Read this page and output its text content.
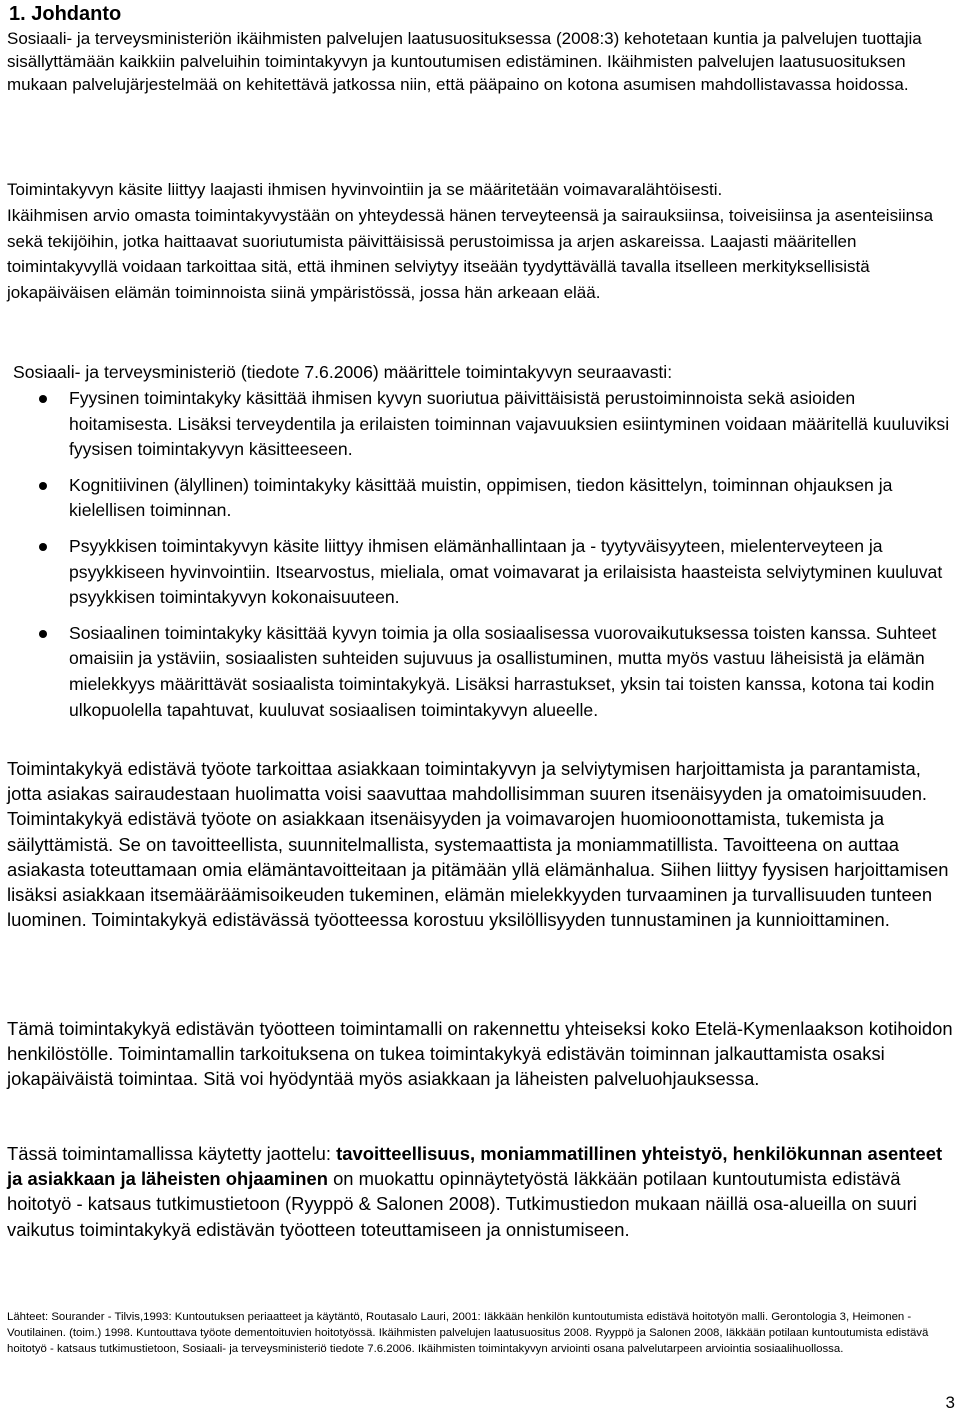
1. Johdanto

Sosiaali- ja terveysministeriön ikäihmisten palvelujen laatusuosituksessa (2008:3) kehotetaan kuntia ja palvelujen tuottajia sisällyttämään kaikkiin palveluihin toimintakyvyn ja kuntoutumisen edistäminen. Ikäihmisten palvelujen laatusuosituksen mukaan palvelujärjestelmää on kehitettävä jatkossa niin, että pääpaino on kotona asumisen mahdollistavassa hoidossa.

Toimintakyvyn käsite liittyy laajasti ihmisen hyvinvointiin ja se määritetään voimavaralähtöisesti.

Ikäihmisen arvio omasta toimintakyvystään on yhteydessä hänen terveyteensä ja sairauksiinsa, toiveisiinsa ja asenteisiinsa sekä tekijöihin, jotka haittaavat suoriutumista päivittäisissä perustoimissa ja arjen askareissa. Laajasti määritellen toimintakyvyllä voidaan tarkoittaa sitä, että ihminen selviytyy itseään tyydyttävällä tavalla itselleen merkityksellisistä jokapäiväisen elämän toiminnoista siinä ympäristössä, jossa hän arkeaan elää.

Sosiaali- ja terveysministeriö (tiedote 7.6.2006) määrittele toimintakyvyn seuraavasti:

Fyysinen toimintakyky käsittää ihmisen kyvyn suoriutua päivittäisistä perustoiminnoista sekä asioiden hoitamisesta. Lisäksi terveydentila ja erilaisten toiminnan vajavuuksien esiintyminen voidaan määritellä kuuluviksi fyysisen toimintakyvyn käsitteeseen.
Kognitiivinen (älyllinen) toimintakyky käsittää muistin, oppimisen, tiedon käsittelyn, toiminnan ohjauksen ja kielellisen toiminnan.
Psyykkisen toimintakyvyn käsite liittyy ihmisen elämänhallintaan ja - tyytyväisyyteen, mielenterveyteen ja psyykkiseen hyvinvointiin. Itsearvostus, mieliala, omat voimavarat ja erilaisista haasteista selviytyminen kuuluvat psyykkisen toimintakyvyn kokonaisuuteen.
Sosiaalinen toimintakyky käsittää kyvyn toimia ja olla sosiaalisessa vuorovaikutuksessa toisten kanssa. Suhteet omaisiin ja ystäviin, sosiaalisten suhteiden sujuvuus ja osallistuminen, mutta myös vastuu läheisistä ja elämän mielekkyys määrittävät sosiaalista toimintakykyä. Lisäksi harrastukset, yksin tai toisten kanssa, kotona tai kodin ulkopuolella tapahtuvat, kuuluvat sosiaalisen toimintakyvyn alueelle.

Toimintakykyä edistävä työote tarkoittaa asiakkaan toimintakyvyn ja selviytymisen harjoittamista ja parantamista, jotta asiakas sairaudestaan huolimatta voisi saavuttaa mahdollisimman suuren itsenäisyyden ja omatoimisuuden. Toimintakykyä edistävä työote on asiakkaan itsenäisyyden ja voimavarojen huomioonottamista, tukemista ja säilyttämistä. Se on tavoitteellista, suunnitelmallista, systemaattista ja moniammatillista. Tavoitteena on auttaa asiakasta toteuttamaan omia elämäntavoitteitaan ja pitämään yllä elämänhalua. Siihen liittyy fyysisen harjoittamisen lisäksi asiakkaan itsemääräämisoikeuden tukeminen, elämän mielekkyyden turvaaminen ja turvallisuuden tunteen luominen. Toimintakykyä edistävässä työotteessa korostuu yksilöllisyyden tunnustaminen ja kunnioittaminen.

Tämä toimintakykyä edistävän työotteen toimintamalli on rakennettu yhteiseksi koko Etelä-Kymenlaakson kotihoidon henkilöstölle. Toimintamallin tarkoituksena on tukea toimintakykyä edistävän toiminnan jalkauttamista osaksi jokapäiväistä toimintaa. Sitä voi hyödyntää myös asiakkaan ja läheisten palveluohjauksessa.

Tässä toimintamallissa käytetty jaottelu: tavoitteellisuus, moniammatillinen yhteistyö, henkilökunnan asenteet ja asiakkaan ja läheisten ohjaaminen on muokattu opinnäytetyöstä Iäkkään potilaan kuntoutumista edistävä hoitotyö - katsaus tutkimustietoon (Ryyppö & Salonen 2008). Tutkimustiedon mukaan näillä osa-alueilla on suuri vaikutus toimintakykyä edistävän työotteen toteuttamiseen ja onnistumiseen.

Lähteet: Sourander - Tilvis,1993: Kuntoutuksen periaatteet ja käytäntö, Routasalo Lauri, 2001: Iäkkään henkilön kuntoutumista edistävä hoitotyön malli. Gerontologia 3, Heimonen - Voutilainen. (toim.) 1998. Kuntouttava työote dementoituvien hoitotyössä. Ikäihmisten palvelujen laatusuositus 2008. Ryyppö ja Salonen 2008, Iäkkään potilaan kuntoutumista edistävä hoitotyö - katsaus tutkimustietoon, Sosiaali- ja terveysministeriö tiedote 7.6.2006. Ikäihmisten toimintakyvyn arviointi osana palvelutarpeen arviointia sosiaalihuollossa.

3
